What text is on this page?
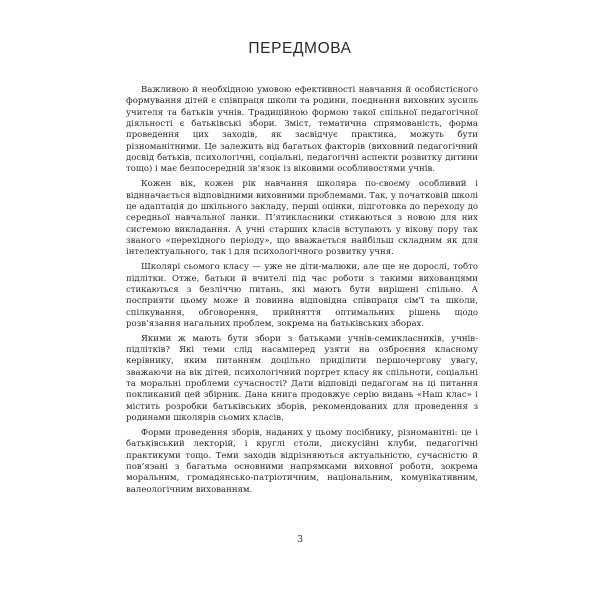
ПЕРЕДМОВА

Важливою й необхідною умовою ефективності навчання й особистісного формування дітей є співпраця школи та родини, поєднання виховних зусиль учителя та батьків учнів. Традиційною формою такої спільної педагогічної діяльності є батьківські збори. Зміст, тематична спрямованість, форма проведення цих заходів, як засвідчує практика, можуть бути різноманітними. Це залежить від багатьох факторів (виховний педагогічний досвід батьків, психологічні, соціальні, педагогічні аспекти розвитку дитини тощо) і має безпосередній зв’язок із віковими особливостями учнів.

Кожен вік, кожен рік навчання школяра по-своєму особливий і віднначається відповідними виховними проблемами. Так, у початковій школі це адаптація до шкільного закладу, перші оцінки, підготовка до переходу до середньої навчальної ланки. П’ятикласники стикаються з новою для них системою викладання. А учні старших класів вступають у вікову пору так званого «перехідного періоду», що вважається найбільш складним як для інтелектуального, так і для психологічного розвитку учня.

Школярі сьомого класу — уже не діти-малюки, але ще не дорослі, тобто підлітки. Отже, батьки й вчителі під час роботи з такими вихованцями стикаються з безліччю питань, які мають бути вирішені спільно. А посприяти цьому може й повинна відповідна співпраця сім’ї та школи, спілкування, обговорення, прийняття оптимальних рішень щодо розв’язання нагальних проблем, зокрема на батьківських зборах.

Якими ж мають бути збори з батьками учнів-семикласників, учнів-підлітків? Які теми слід насамперед узяти на озброєння класному керівнику, яким питанням доцільно приділити першочергову увагу, зважаючи на вік дітей, психологічний портрет класу як спільноти, соціальні та моральні проблеми сучасності? Дати відповіді педагогам на ці питання покликаний цей збірник. Дана книга продовжує серію видань «Наш клас» і містить розробки батьківських зборів, рекомендованих для проведення з родинами школярів сьомих класів.

Форми проведення зборів, наданих у цьому посібнику, різноманітні: це і батьківський лекторій, і круглі столи, дискусійні клуби, педагогічні практикуми тощо. Теми заходів відрізняються актуальністю, сучасністю й пов’язані з багатьма основними напрямками виховної роботи, зокрема моральним, громадянсько-патріотичним, національним, комунікативним, валеологічним вихованням.

3
